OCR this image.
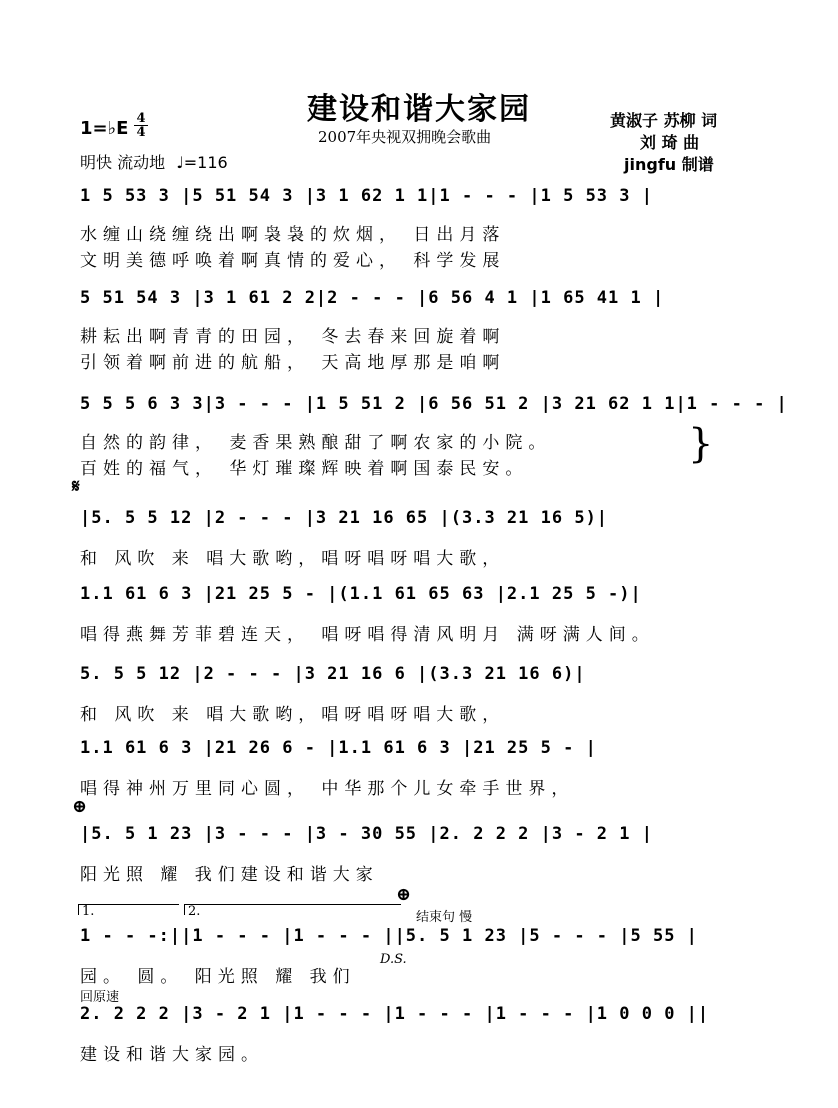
建设和谐大家园
2007年央视双拥晚会歌曲
黄淑子 苏柳 词
刘 琦 曲
jingfu 制谱
1=♭E 4
4
明快 流动地 ♩=116
1 5 53 3 |5 51 54 3 |3 1 62 1 1|1 - - - |1 5 53 3 |
水缠山绕缠绕出啊袅袅的炊烟， 日出月落
文明美德呼唤着啊真情的爱心， 科学发展
5 51 54 3 |3 1 61 2 2|2 - - - |6 56 4 1 |1 65 41 1 |
耕耘出啊青青的田园， 冬去春来回旋着啊
引领着啊前进的航船， 天高地厚那是咱啊
5 5 5 6 3 3|3 - - - |1 5 51 2 |6 56 51 2 |3 21 62 1 1|1 - - - |
自然的韵律， 麦香果熟酿甜了啊农家的小院。
百姓的福气， 华灯璀璨辉映着啊国泰民安。
}
𝄋
|5. 5 5 12 |2 - - - |3 21 16 65 |(3.3 21 16 5)|
和 风吹 来 唱大歌哟，唱呀唱呀唱大歌，
1.1 61 6 3 |21 25 5 - |(1.1 61 65 63 |2.1 25 5 -)|
唱得燕舞芳菲碧连天， 唱呀唱得清风明月 满呀满人间。
5. 5 5 12 |2 - - - |3 21 16 6 |(3.3 21 16 6)|
和 风吹 来 唱大歌哟，唱呀唱呀唱大歌，
1.1 61 6 3 |21 26 6 - |1.1 61 6 3 |21 25 5 - |
唱得神州万里同心圆， 中华那个儿女牵手世界，
⊕
|5. 5 1 23 |3 - - - |3 - 30 55 |2. 2 2 2 |3 - 2 1 |
阳光照 耀 我们建设和谐大家
⊕
1.	2.	结束句 慢
1 - - -:||1 - - - |1 - - - ||5. 5 1 23 |5 - - - |5 55 |
D.S.
园。 圆。 阳光照 耀 我们
回原速
2. 2 2 2 |3 - 2 1 |1 - - - |1 - - - |1 - - - |1 0 0 0 ||
建设和谐大家园。
